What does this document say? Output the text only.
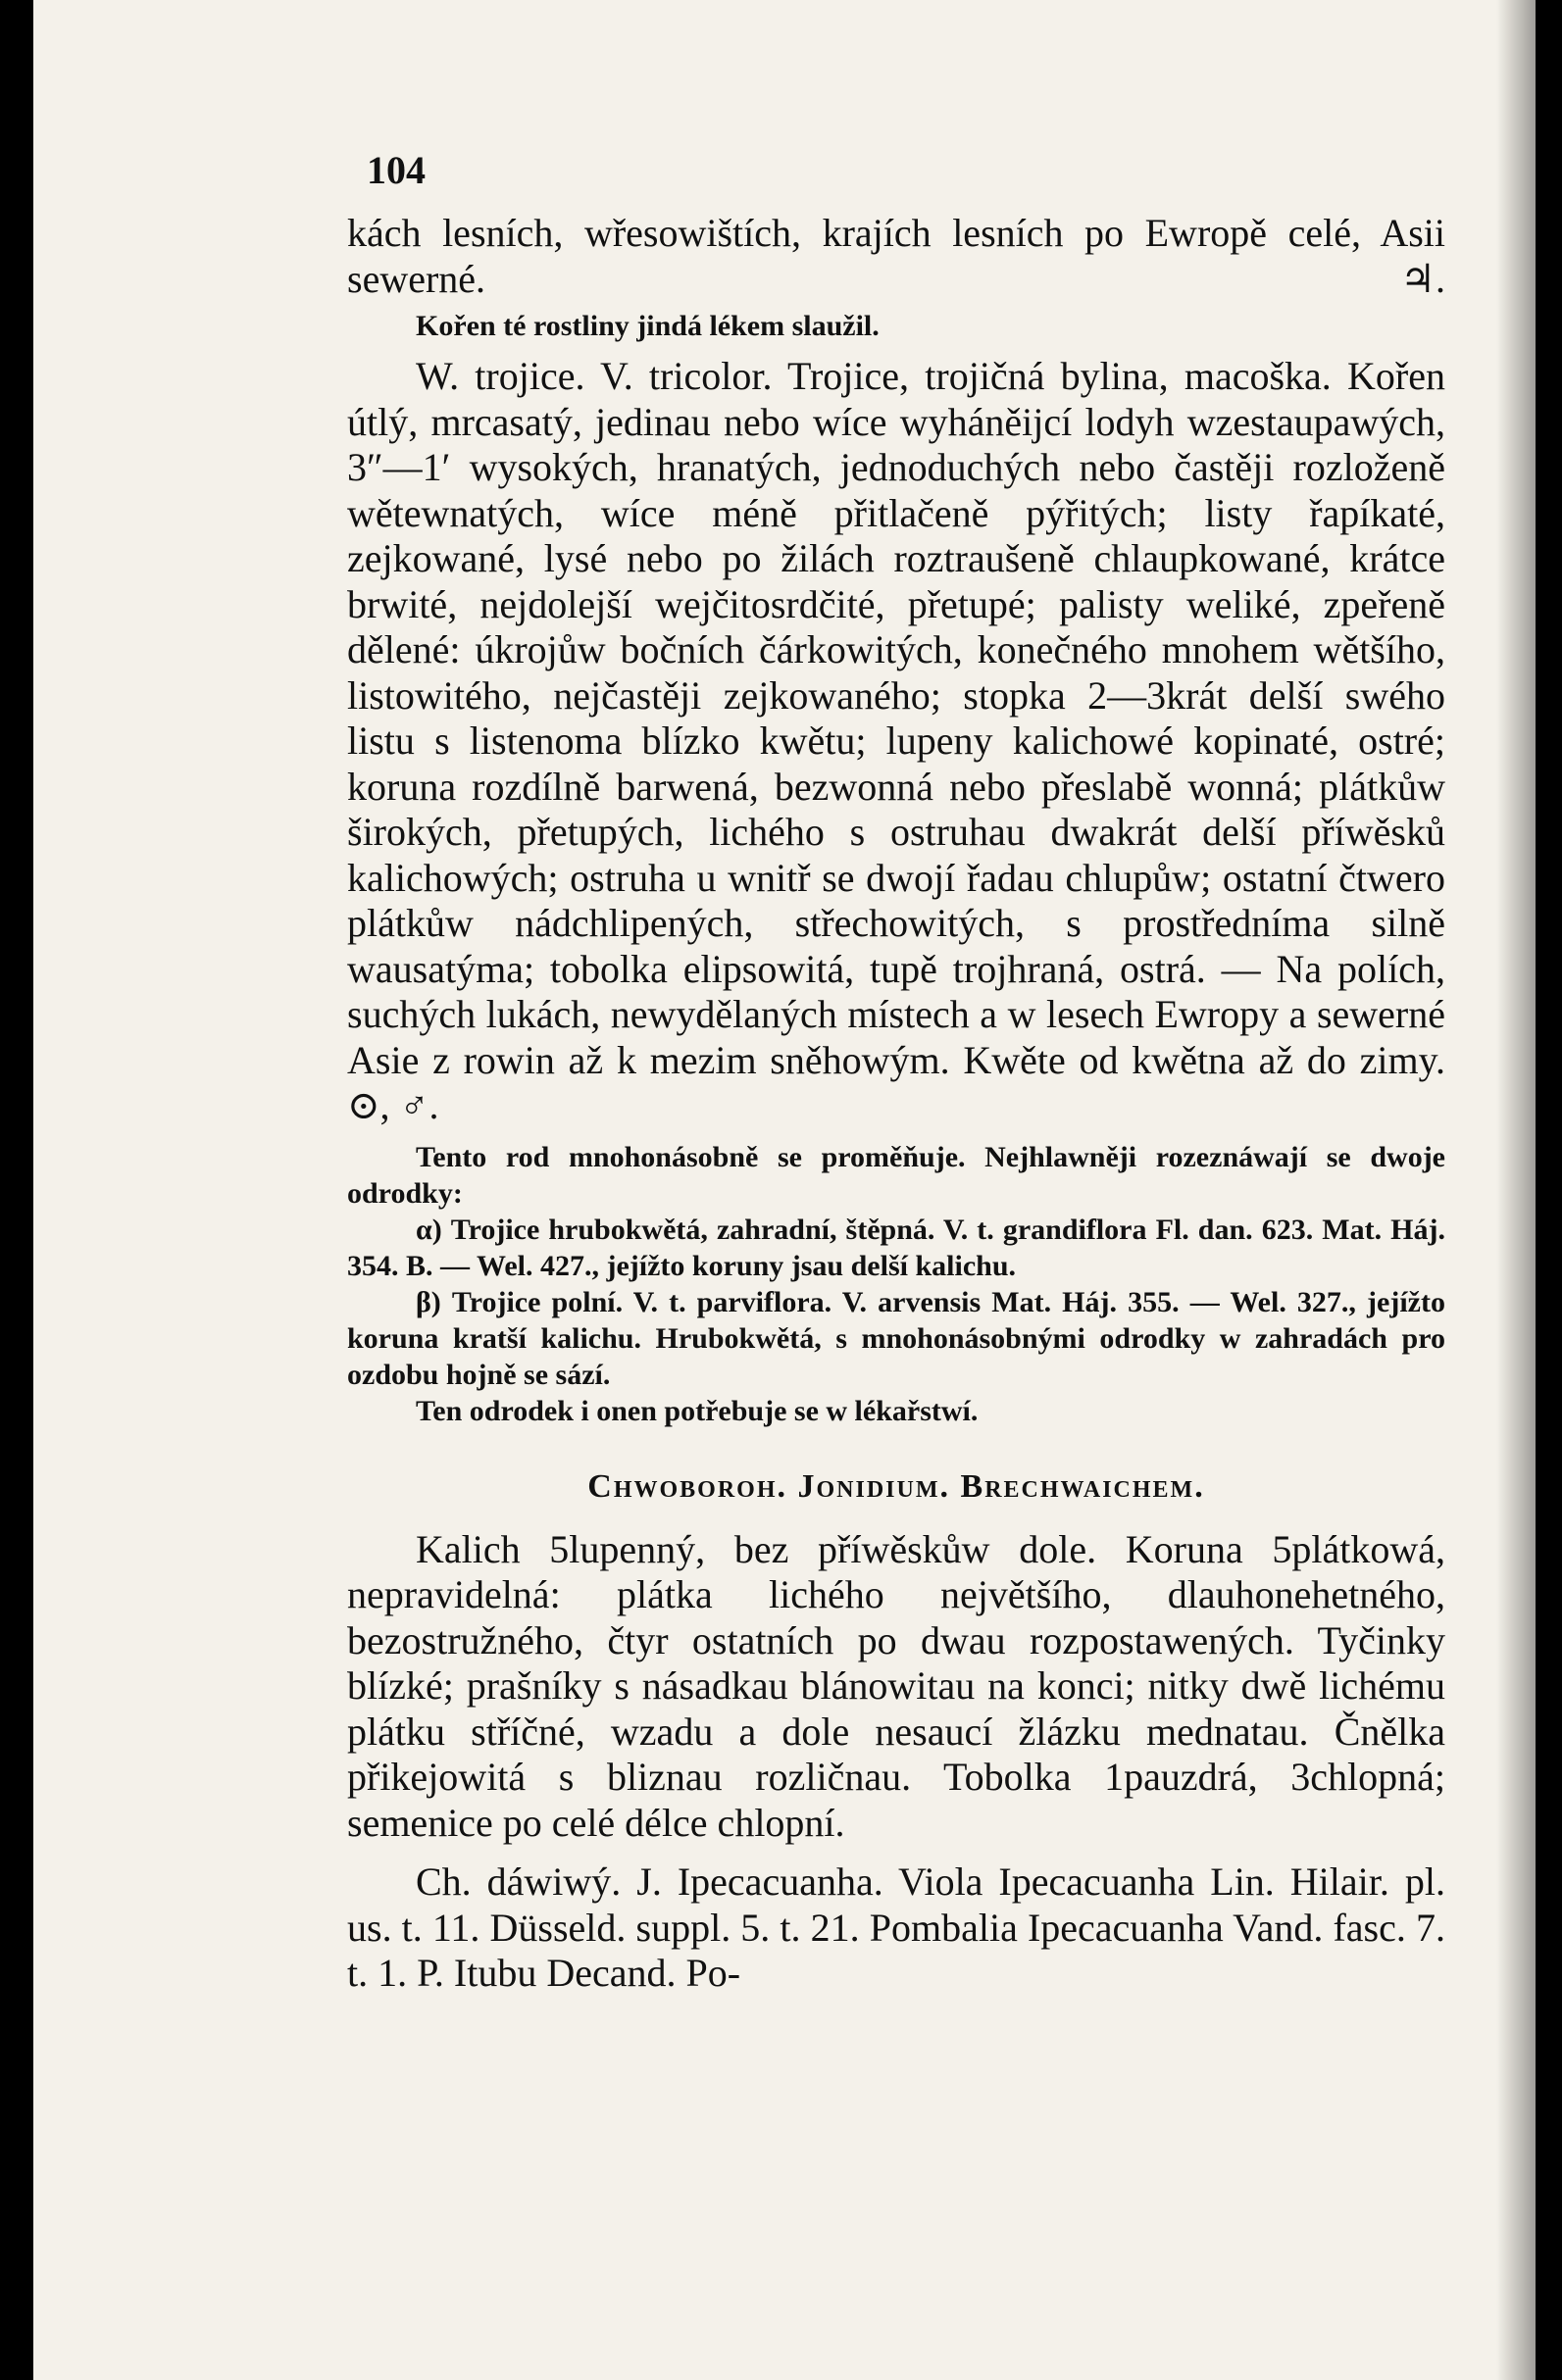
104

kách lesních, wřesowištích, krajích lesních po Ewropě celé, Asii sewerné. ♃.

Kořen té rostliny jindá lékem slaužil.

W. trojice. V. tricolor. Trojice, trojičná bylina, macoška. Kořen útlý, mrcasatý, jedinau nebo wíce wyháněijcí lodyh wzestaupawých, 3″—1′ wysokých, hranatých, jednoduchých nebo častěji rozloženě wětewnatých, wíce méně přitlačeně pýřitých; listy řapíkaté, zejkowané, lysé nebo po žilách roztraušeně chlaupkowané, krátce brwité, nejdolejší wejčitosrdčité, přetupé; palisty weliké, zpeřeně dělené: úkrojůw bočních čárkowitých, konečného mnohem wětšího, listowitého, nejčastěji zejkowaného; stopka 2—3krát delší swého listu s listenoma blízko kwětu; lupeny kalichowé kopinaté, ostré; koruna rozdílně barwená, bezwonná nebo přeslabě wonná; plátkůw širokých, přetupých, lichého s ostruhau dwakrát delší příwěsků kalichowých; ostruha u wnitř se dwojí řadau chlupůw; ostatní čtwero plátkůw nádchlipených, střechowitých, s prostředníma silně wausatýma; tobolka elipsowitá, tupě trojhraná, ostrá. — Na polích, suchých lukách, newydělaných místech a w lesech Ewropy a sewerné Asie z rowin až k mezim sněhowým. Kwěte od kwětna až do zimy. ⊙, ♂.

Tento rod mnohonásobně se proměňuje. Nejhlawněji rozeznáwají se dwoje odrodky:

α) Trojice hrubokwětá, zahradní, štěpná. V. t. grandiflora Fl. dan. 623. Mat. Háj. 354. B. — Wel. 427., jejížto koruny jsau delší kalichu.

β) Trojice polní. V. t. parviflora. V. arvensis Mat. Háj. 355. — Wel. 327., jejížto koruna kratší kalichu. Hrubokwětá, s mnohonásobnými odrodky w zahradách pro ozdobu hojně se sází.

Ten odrodek i onen potřebuje se w lékařstwí.

Chwoboroh. Jonidium. Brechwaichem.

Kalich 5lupenný, bez příwěskůw dole. Koruna 5plátkowá, nepravidelná: plátka lichého největšího, dlauhonehetného, bezostružného, čtyr ostatních po dwau rozpostawených. Tyčinky blízké; prašníky s násadkau blánowitau na konci; nitky dwě lichému plátku stříčné, wzadu a dole nesaucí žlázku mednatau. Čnělka přikejowitá s bliznau rozličnau. Tobolka 1pauzdrá, 3chlopná; semenice po celé délce chlopní.

Ch. dáwiwý. J. Ipecacuanha. Viola Ipecacuanha Lin. Hilair. pl. us. t. 11. Düsseld. suppl. 5. t. 21. Pombalia Ipecacuanha Vand. fasc. 7. t. 1. P. Itubu Decand. Po-
